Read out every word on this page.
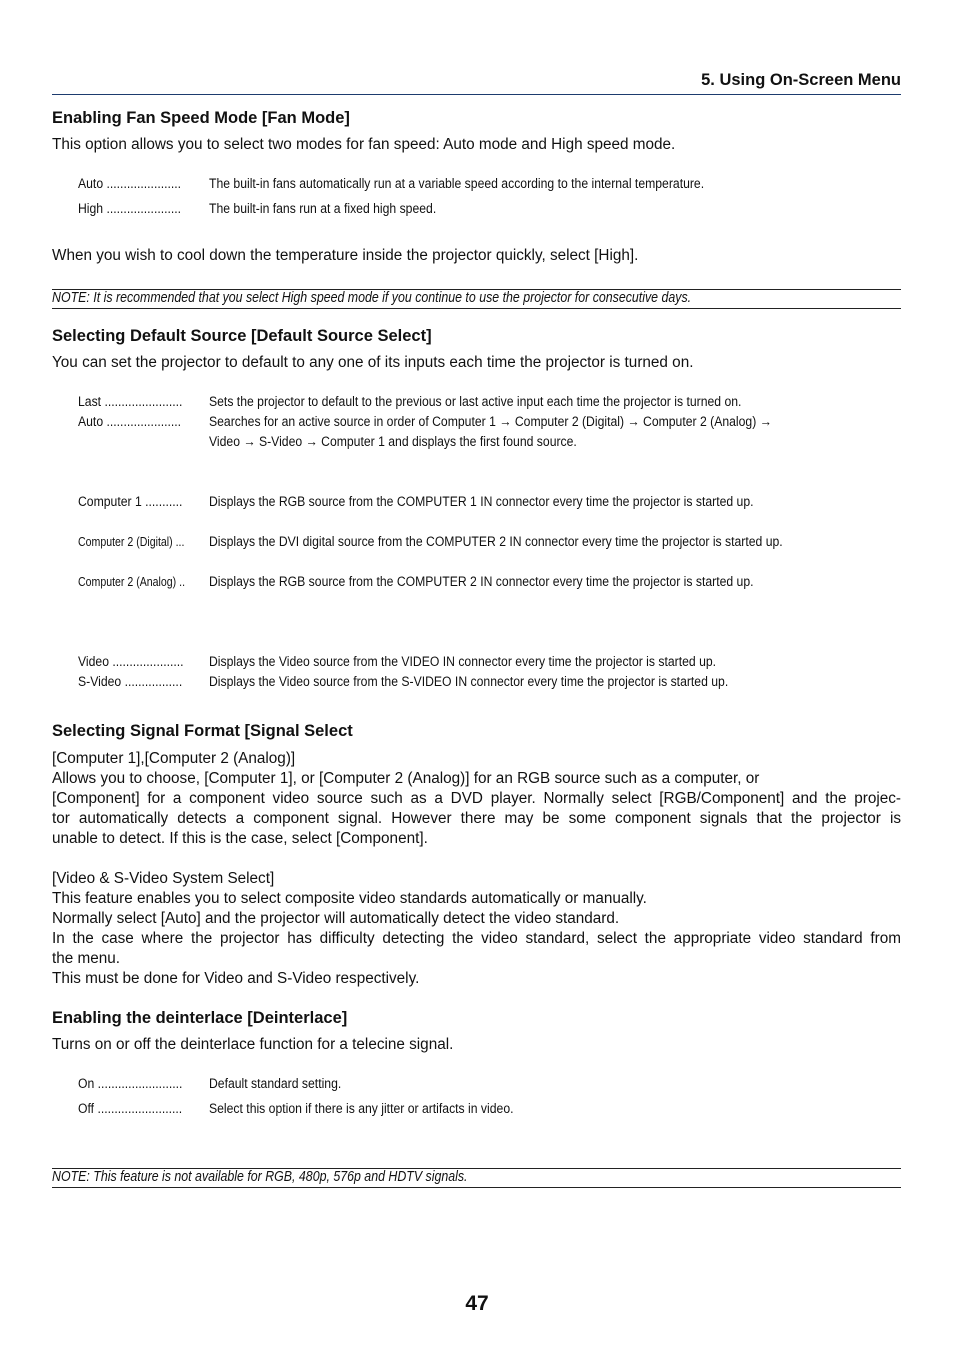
5. Using On-Screen Menu
Enabling Fan Speed Mode [Fan Mode]
This option allows you to select two modes for fan speed: Auto mode and High speed mode.
Auto ...................... The built-in fans automatically run at a variable speed according to the internal temperature.
High ...................... The built-in fans run at a fixed high speed.
When you wish to cool down the temperature inside the projector quickly, select [High].
NOTE: It is recommended that you select High speed mode if you continue to use the projector for consecutive days.
Selecting Default Source [Default Source Select]
You can set the projector to default to any one of its inputs each time the projector is turned on.
Last ....................... Sets the projector to default to the previous or last active input each time the projector is turned on.
Auto ...................... Searches for an active source in order of Computer 1 → Computer 2 (Digital) → Computer 2 (Analog) →
Video → S-Video → Computer 1 and displays the first found source.
Computer 1 ........... Displays the RGB source from the COMPUTER 1 IN connector every time the projector is started up.
Computer 2 (Digital) ... Displays the DVI digital source from the COMPUTER 2 IN connector every time the projector is started up.
Computer 2 (Analog) .. Displays the RGB source from the COMPUTER 2 IN connector every time the projector is started up.
Video ..................... Displays the Video source from the VIDEO IN connector every time the projector is started up.
S-Video ................. Displays the Video source from the S-VIDEO IN connector every time the projector is started up.
Selecting Signal Format [Signal Select
[Computer 1],[Computer 2 (Analog)]
Allows you to choose, [Computer 1], or [Computer 2 (Analog)] for an RGB source such as a computer, or
[Component] for a component video source such as a DVD player. Normally select [RGB/Component] and the projec-
tor automatically detects a component signal. However there may be some component signals that the projector is
unable to detect. If this is the case, select [Component].
[Video & S-Video System Select]
This feature enables you to select composite video standards automatically or manually.
Normally select [Auto] and the projector will automatically detect the video standard.
In the case where the projector has difficulty detecting the video standard, select the appropriate video standard from
the menu.
This must be done for Video and S-Video respectively.
Enabling the deinterlace [Deinterlace]
Turns on or off the deinterlace function for a telecine signal.
On ......................... Default standard setting.
Off ......................... Select this option if there is any jitter or artifacts in video.
NOTE: This feature is not available for RGB, 480p, 576p and HDTV signals.
47
